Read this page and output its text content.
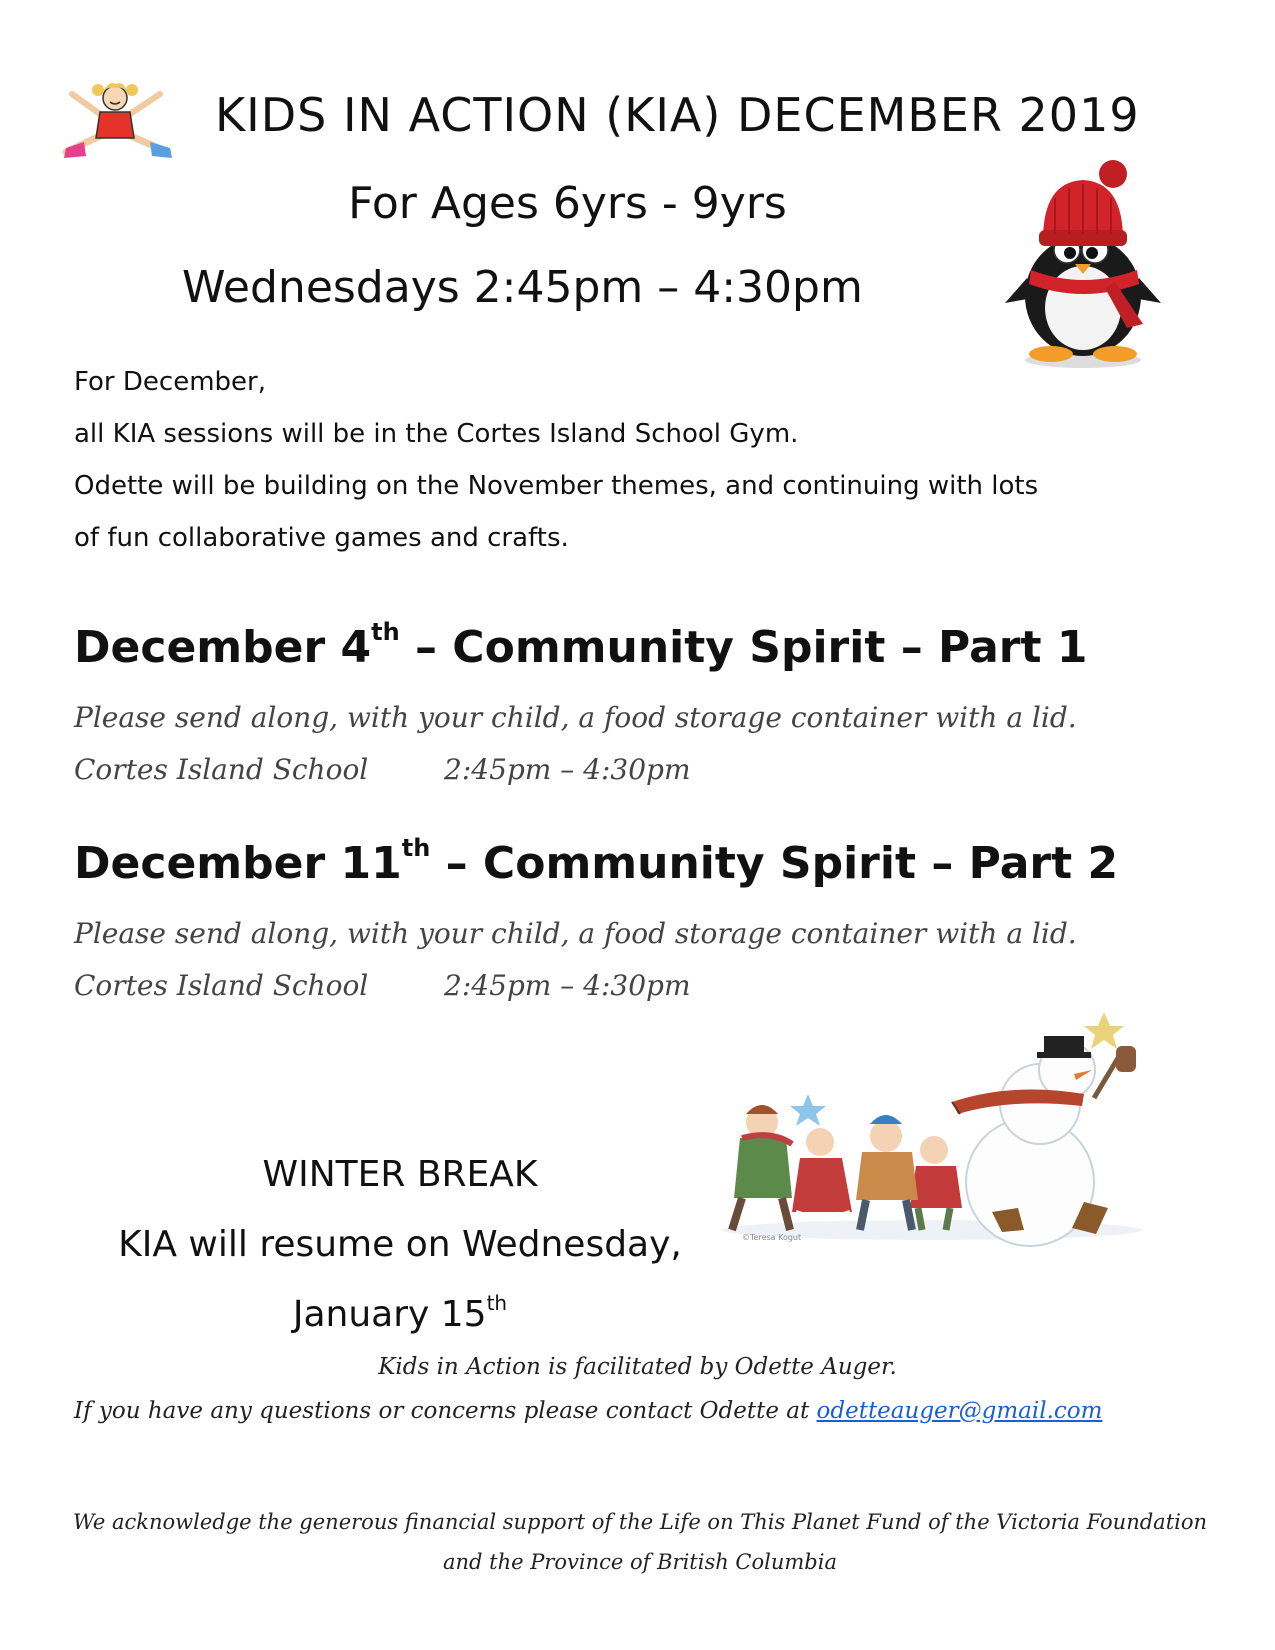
KIDS IN ACTION (KIA) DECEMBER 2019
For Ages 6yrs - 9yrs
Wednesdays 2:45pm – 4:30pm
For December,
all KIA sessions will be in the Cortes Island School Gym.
Odette will be building on the November themes, and continuing with lots
of fun collaborative games and crafts.
December 4th – Community Spirit – Part 1
Please send along, with your child, a food storage container with a lid.
Cortes Island School	2:45pm – 4:30pm
December 11th – Community Spirit – Part 2
Please send along, with your child, a food storage container with a lid.
Cortes Island School	2:45pm – 4:30pm
WINTER BREAK
KIA will resume on Wednesday,
January 15th
©Teresa Kogut
Kids in Action is facilitated by Odette Auger.
If you have any questions or concerns please contact Odette at odetteauger@gmail.com
We acknowledge the generous financial support of the Life on This Planet Fund of the Victoria Foundation
and the Province of British Columbia
